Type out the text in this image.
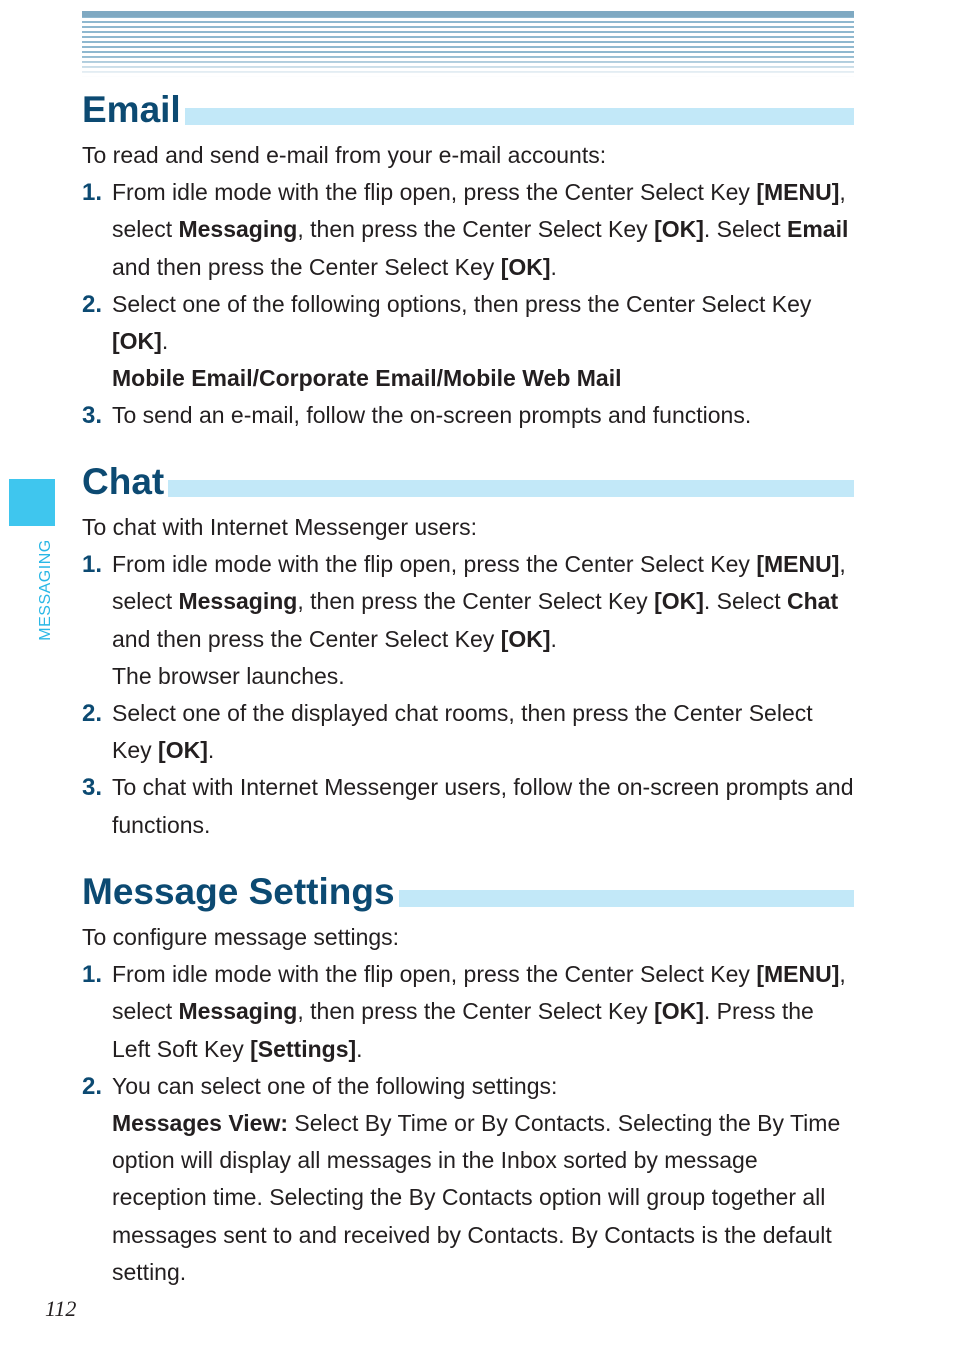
MESSAGING
Email

To read and send e-mail from your e-mail accounts:

1. From idle mode with the flip open, press the Center Select Key [MENU], select Messaging, then press the Center Select Key [OK]. Select Email and then press the Center Select Key [OK].
2. Select one of the following options, then press the Center Select Key [OK].
Mobile Email/Corporate Email/Mobile Web Mail
3. To send an e-mail, follow the on-screen prompts and functions.
Chat

To chat with Internet Messenger users:

1. From idle mode with the flip open, press the Center Select Key [MENU], select Messaging, then press the Center Select Key [OK]. Select Chat and then press the Center Select Key [OK].
The browser launches.
2. Select one of the displayed chat rooms, then press the Center Select Key [OK].
3. To chat with Internet Messenger users, follow the on-screen prompts and functions.
Message Settings

To configure message settings:

1. From idle mode with the flip open, press the Center Select Key [MENU], select Messaging, then press the Center Select Key [OK]. Press the Left Soft Key [Settings].
2. You can select one of the following settings:
Messages View: Select By Time or By Contacts. Selecting the By Time option will display all messages in the Inbox sorted by message reception time. Selecting the By Contacts option will group together all messages sent to and received by Contacts. By Contacts is the default setting.
112
